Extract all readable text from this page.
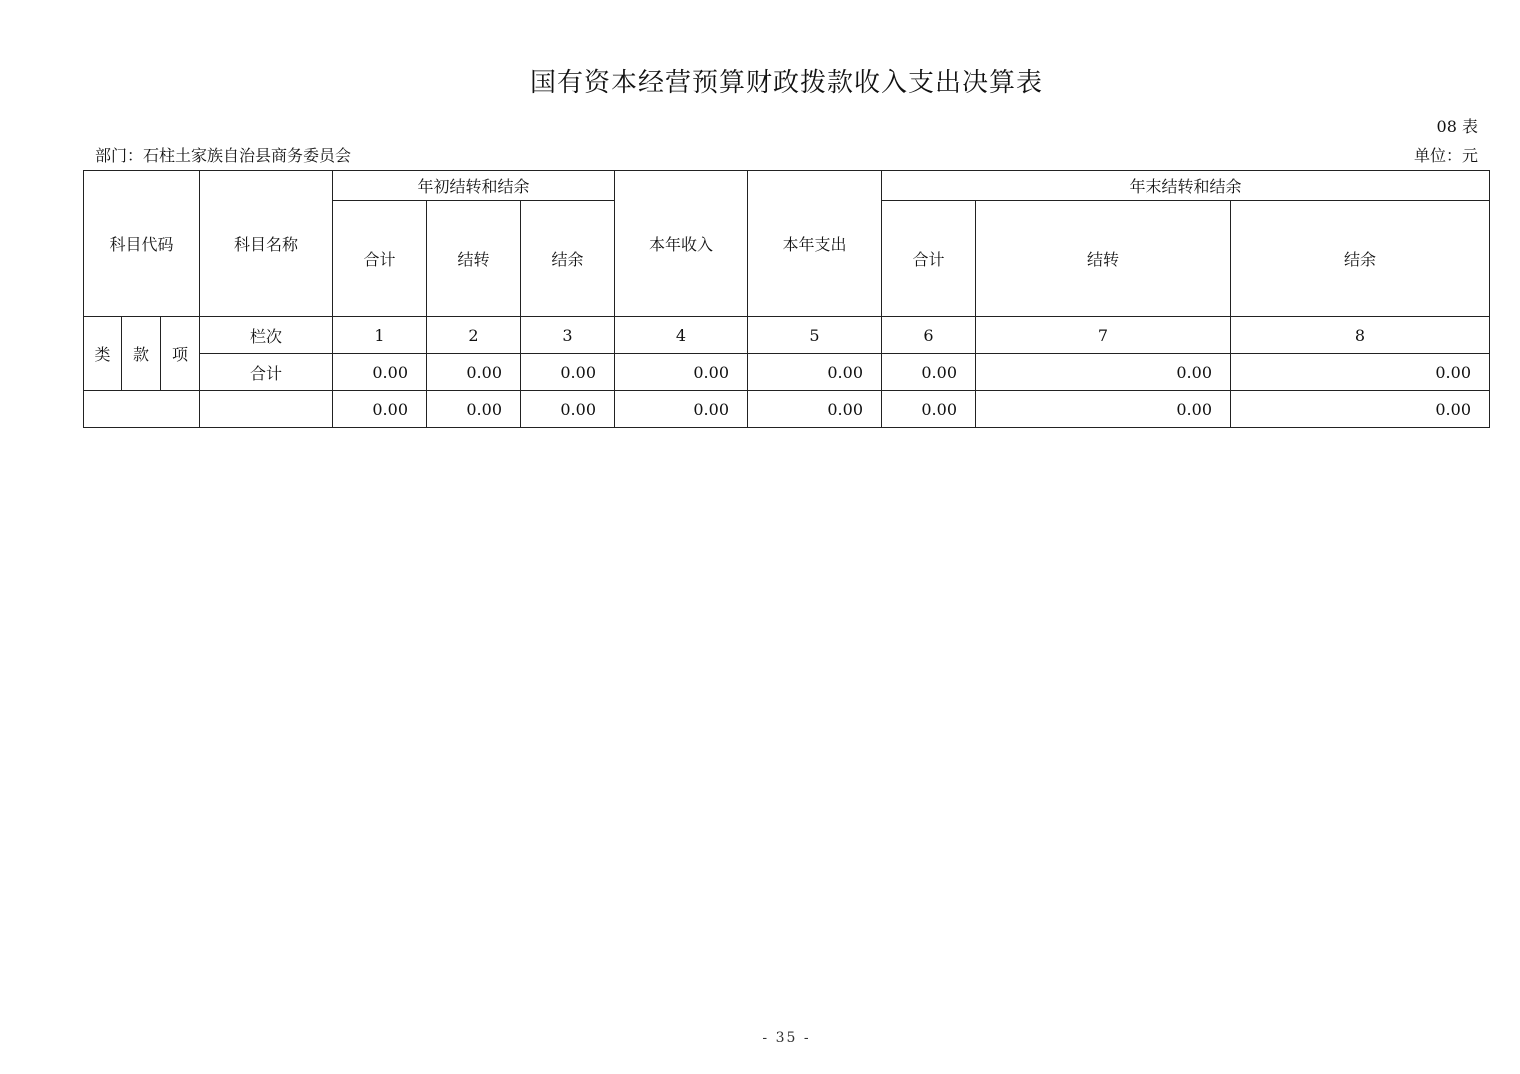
国有资本经营预算财政拨款收入支出决算表
08 表
部门：石柱土家族自治县商务委员会	单位：元
科目代码			科目名称	年初结转和结余			本年收入	本年支出	年末结转和结余		
				合计	结转	结余			合计	结转	结余
类	款	项	栏次	1	2	3	4	5	6	7	8
			合计	0.00	0.00	0.00	0.00	0.00	0.00	0.00	0.00
				0.00	0.00	0.00	0.00	0.00	0.00	0.00	0.00
- 35 -
